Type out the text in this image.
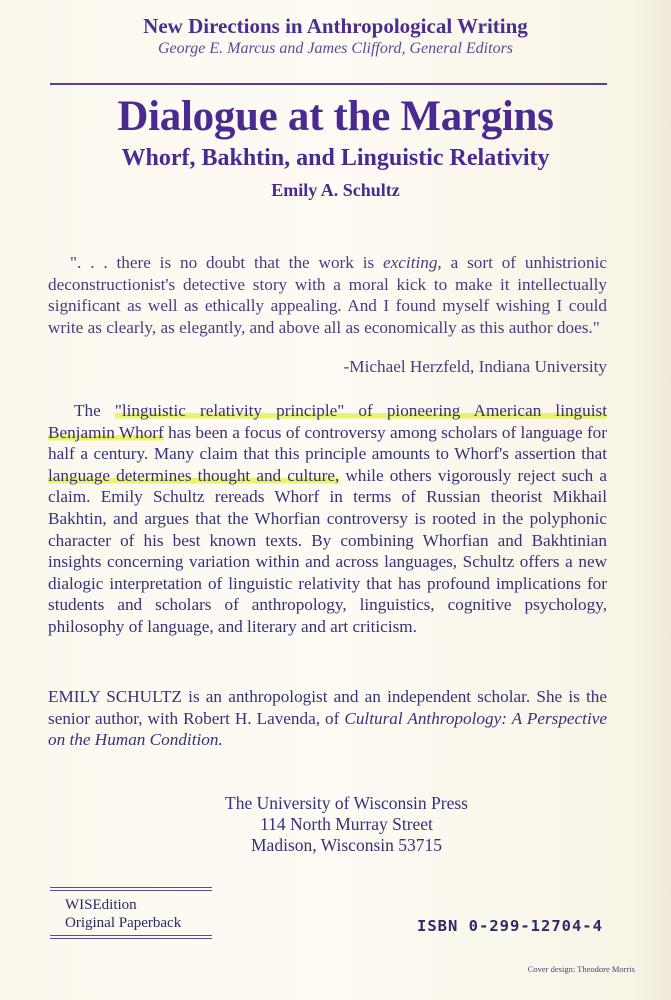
New Directions in Anthropological Writing
George E. Marcus and James Clifford, General Editors
Dialogue at the Margins
Whorf, Bakhtin, and Linguistic Relativity
Emily A. Schultz
". . . there is no doubt that the work is exciting, a sort of unhistrionic deconstructionist's detective story with a moral kick to make it intellectually significant as well as ethically appealing. And I found myself wishing I could write as clearly, as elegantly, and above all as economically as this author does."
-Michael Herzfeld, Indiana University
The "linguistic relativity principle" of pioneering American linguist Benjamin Whorf has been a focus of controversy among scholars of language for half a century. Many claim that this principle amounts to Whorf's assertion that language determines thought and culture, while others vigorously reject such a claim. Emily Schultz rereads Whorf in terms of Russian theorist Mikhail Bakhtin, and argues that the Whorfian controversy is rooted in the polyphonic character of his best known texts. By combining Whorfian and Bakhtinian insights concerning variation within and across languages, Schultz offers a new dialogic interpretation of linguistic relativity that has profound implications for students and scholars of anthropology, linguistics, cognitive psychology, philosophy of language, and literary and art criticism.
EMILY SCHULTZ is an anthropologist and an independent scholar. She is the senior author, with Robert H. Lavenda, of Cultural Anthropology: A Perspective on the Human Condition.
The University of Wisconsin Press
114 North Murray Street
Madison, Wisconsin 53715
WISEdition
Original Paperback	ISBN 0-299-12704-4
Cover design: Theodore Morris
